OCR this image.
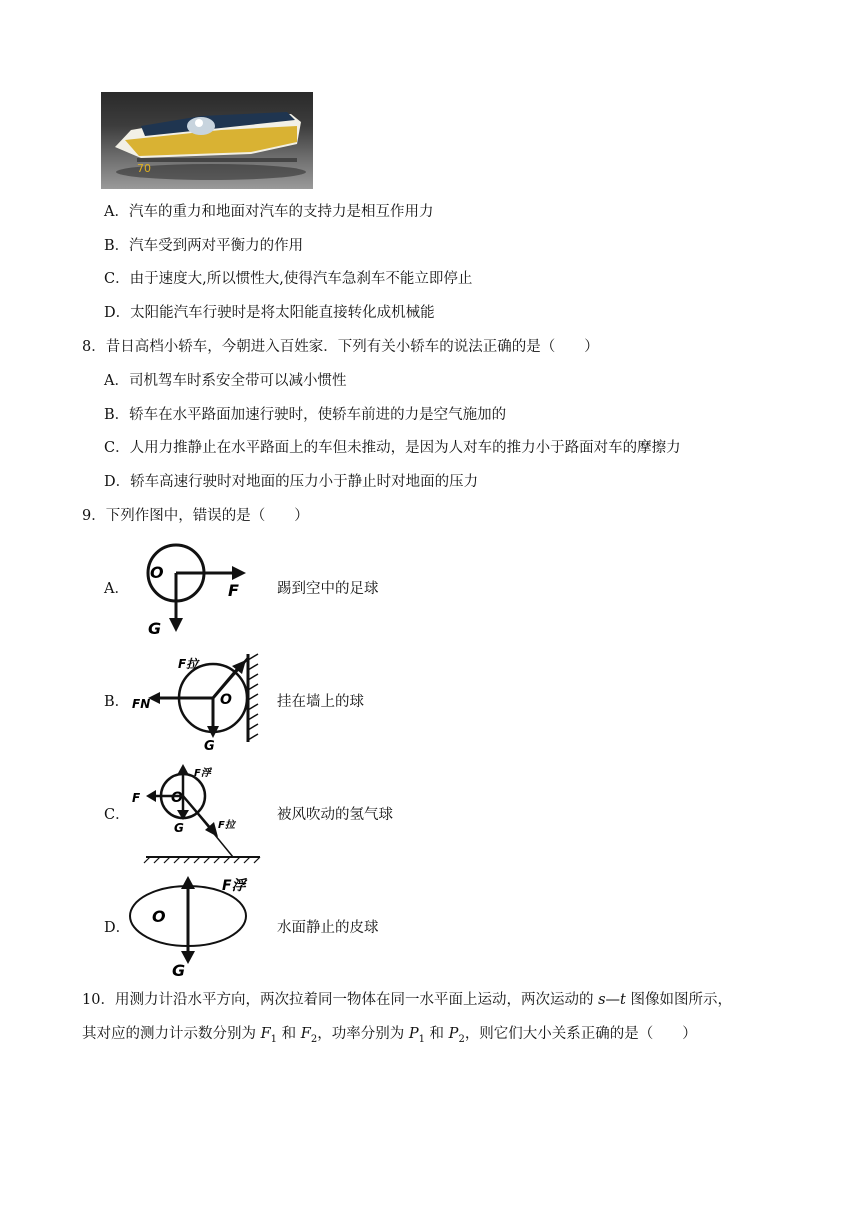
70
A．汽车的重力和地面对汽车的支持力是相互作用力
B．汽车受到两对平衡力的作用
C．由于速度大,所以惯性大,使得汽车急刹车不能立即停止
D．太阳能汽车行驶时是将太阳能直接转化成机械能
8．昔日高档小轿车，今朝进入百姓家．下列有关小轿车的说法正确的是（　　）
A．司机驾车时系安全带可以减小惯性
B．轿车在水平路面加速行驶时，使轿车前进的力是空气施加的
C．人用力推静止在水平路面上的车但未推动，是因为人对车的推力小于路面对车的摩擦力
D．轿车高速行驶时对地面的压力小于静止时对地面的压力
9．下列作图中，错误的是（　　）
A．
O
F
G
踢到空中的足球
B．	O
F拉
FN
G
挂在墙上的球
C．
O
F浮
F
F拉
G
被风吹动的氢气球
D．
O
F浮
G
水面静止的皮球
10．用测力计沿水平方向，两次拉着同一物体在同一水平面上运动，两次运动的 s—t 图像如图所示，
其对应的测力计示数分别为 $F_1$ 和 $F_2$，功率分别为 $P_1$ 和 $P_2$，则它们大小关系正确的是（　　）
